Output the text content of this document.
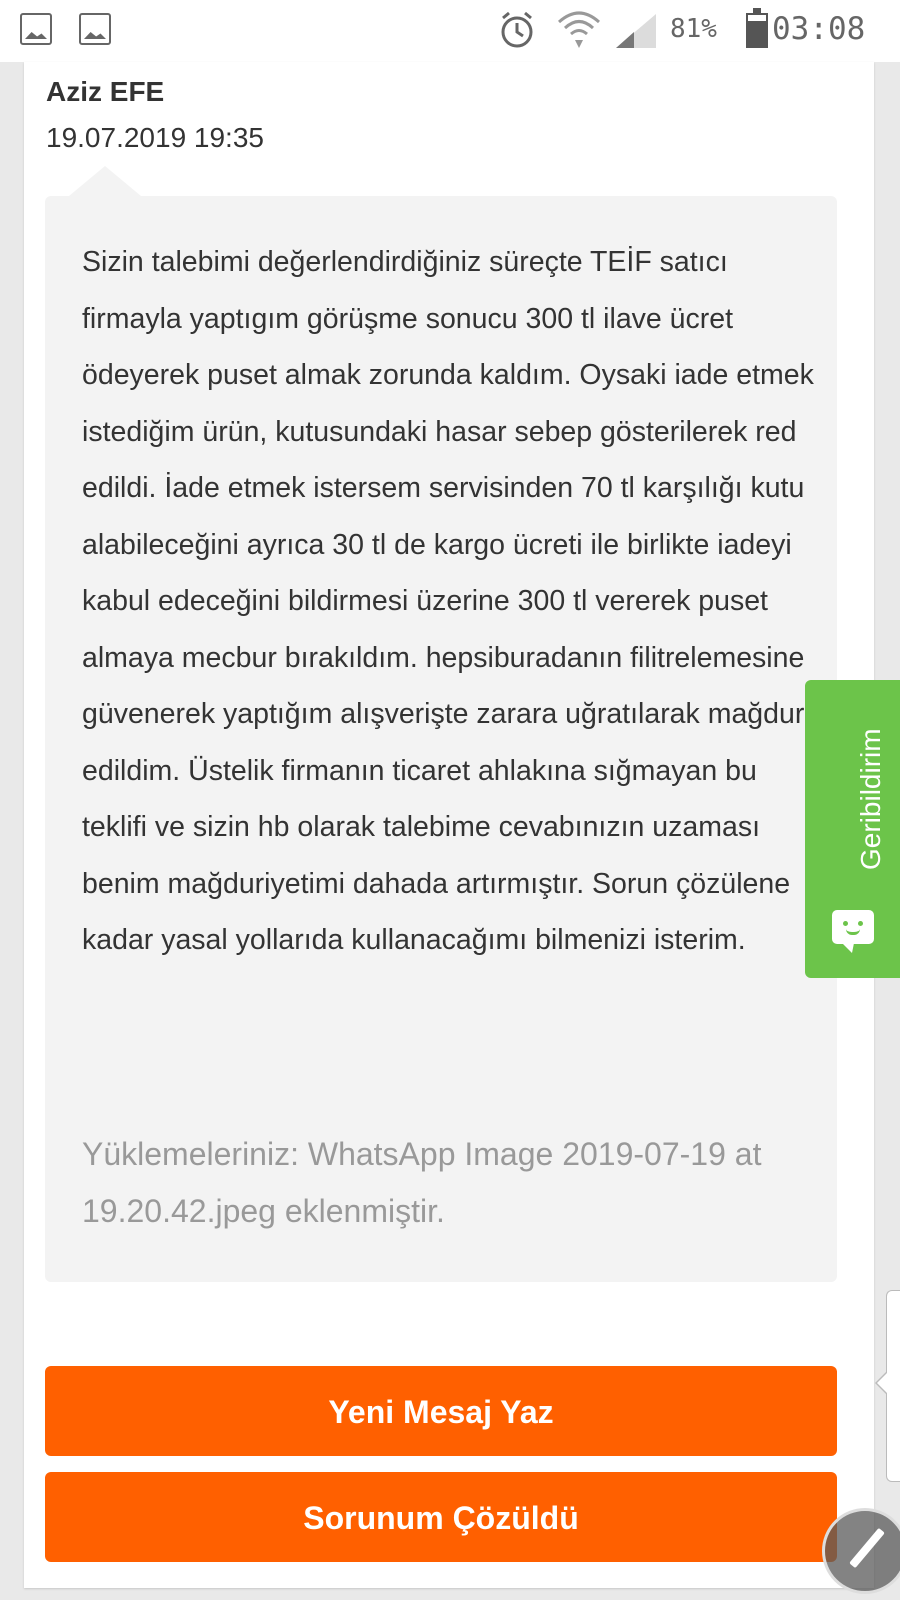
81% 03:08
Aziz EFE
19.07.2019 19:35

Sizin talebimi değerlendirdiğiniz süreçte TEİF satıcı firmayla yaptıgım görüşme sonucu 300 tl ilave ücret ödeyerek puset almak zorunda kaldım. Oysaki iade etmek istediğim ürün, kutusundaki hasar sebep gösterilerek red edildi. İade etmek istersem servisinden 70 tl karşılığı kutu alabileceğini ayrıca 30 tl de kargo ücreti ile birlikte iadeyi kabul edeceğini bildirmesi üzerine 300 tl vererek puset almaya mecbur bırakıldım. hepsiburadanın filitrelemesine güvenerek yaptığım alışverişte zarara uğratılarak mağdur edildim. Üstelik firmanın ticaret ahlakına sığmayan bu teklifi ve sizin hb olarak talebime cevabınızın uzaması benim mağduriyetimi dahada artırmıştır. Sorun çözülene kadar yasal yollarıda kullanacağımı bilmenizi isterim.

Yüklemeleriniz: WhatsApp Image 2019-07-19 at 19.20.42.jpeg eklenmiştir.

Yeni Mesaj Yaz
Sorunum Çözüldü
Geribildirim
